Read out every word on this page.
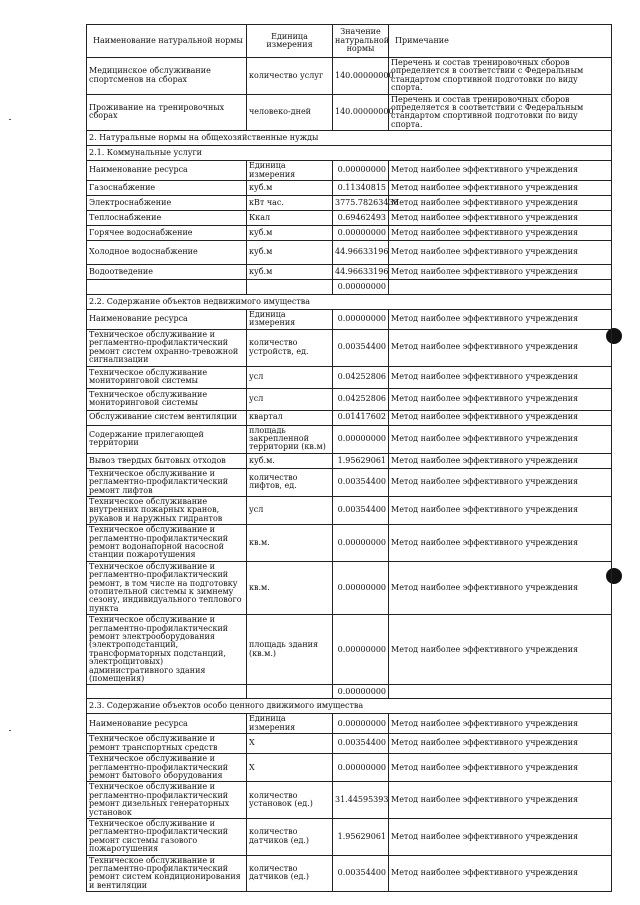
Наименование натуральной нормы	Единица измерения	Значение натуральной нормы	Примечание
Медицинское обслуживание спортсменов на сборах	количество услуг	140.00000000	Перечень и состав тренировочных сборов определяется в соответствии с Федеральным стандартом спортивной подготовки по виду спорта.
Проживание на тренировочных сборах	человеко-дней	140.00000000	Перечень и состав тренировочных сборов определяется в соответствии с Федеральным стандартом спортивной подготовки по виду спорта.
2. Натуральные нормы на общехозяйственные нужды			
2.1. Коммунальные услуги			
Наименование ресурса	Единица измерения	0.00000000	Метод наиболее эффективного учреждения
Газоснабжение	куб.м	0.11340815	Метод наиболее эффективного учреждения
Электроснабжение	кВт час.	3775.78263438	Метод наиболее эффективного учреждения
Теплоснабжение	Ккал	0.69462493	Метод наиболее эффективного учреждения
Горячее водоснабжение	куб.м	0.00000000	Метод наиболее эффективного учреждения
Холодное водоснабжение	куб.м	44.96633196	Метод наиболее эффективного учреждения
Водоотведение	куб.м	44.96633196	Метод наиболее эффективного учреждения
		0.00000000	
2.2. Содержание объектов недвижимого имущества			
Наименование ресурса	Единица измерения	0.00000000	Метод наиболее эффективного учреждения
Техническое обслуживание и регламентно-профилактический ремонт систем охранно-тревожной сигнализации	количество устройств, ед.	0.00354400	Метод наиболее эффективного учреждения
Техническое обслуживание мониторинговой системы	усл	0.04252806	Метод наиболее эффективного учреждения
Техническое обслуживание мониторинговой системы	усл	0.04252806	Метод наиболее эффективного учреждения
Обслуживание систем вентиляции	квартал	0.01417602	Метод наиболее эффективного учреждения
Содержание прилегающей территории	площадь закрепленной территории (кв.м)	0.00000000	Метод наиболее эффективного учреждения
Вывоз твердых бытовых отходов	куб.м.	1.95629061	Метод наиболее эффективного учреждения
Техническое обслуживание и регламентно-профилактический ремонт лифтов	количество лифтов, ед.	0.00354400	Метод наиболее эффективного учреждения
Техническое обслуживание внутренних пожарных кранов, рукавов и наружных гидрантов	усл	0.00354400	Метод наиболее эффективного учреждения
Техническое обслуживание и регламентно-профилактический ремонт водонапорной насосной станции пожаротушения	кв.м.	0.00000000	Метод наиболее эффективного учреждения
Техническое обслуживание и регламентно-профилактический ремонт, в том числе на подготовку отопительной системы к зимнему сезону, индивидуального теплового пункта	кв.м.	0.00000000	Метод наиболее эффективного учреждения
Техническое обслуживание и регламентно-профилактический ремонт электрооборудования (электроподстанций, трансформаторных подстанций, электрощитовых) административного здания (помещения)	площадь здания (кв.м.)	0.00000000	Метод наиболее эффективного учреждения
		0.00000000	
2.3. Содержание объектов особо ценного движимого имущества			
Наименование ресурса	Единица измерения	0.00000000	Метод наиболее эффективного учреждения
Техническое обслуживание и ремонт транспортных средств	X	0.00354400	Метод наиболее эффективного учреждения
Техническое обслуживание и регламентно-профилактический ремонт бытового оборудования	X	0.00000000	Метод наиболее эффективного учреждения
Техническое обслуживание и регламентно-профилактический ремонт дизельных генераторных установок	количество установок (ед.)	31.44595393	Метод наиболее эффективного учреждения
Техническое обслуживание и регламентно-профилактический ремонт системы газового пожаротушения	количество датчиков (ед.)	1.95629061	Метод наиболее эффективного учреждения
Техническое обслуживание и регламентно-профилактический ремонт систем кондиционирования и вентиляции	количество датчиков (ед.)	0.00354400	Метод наиболее эффективного учреждения
